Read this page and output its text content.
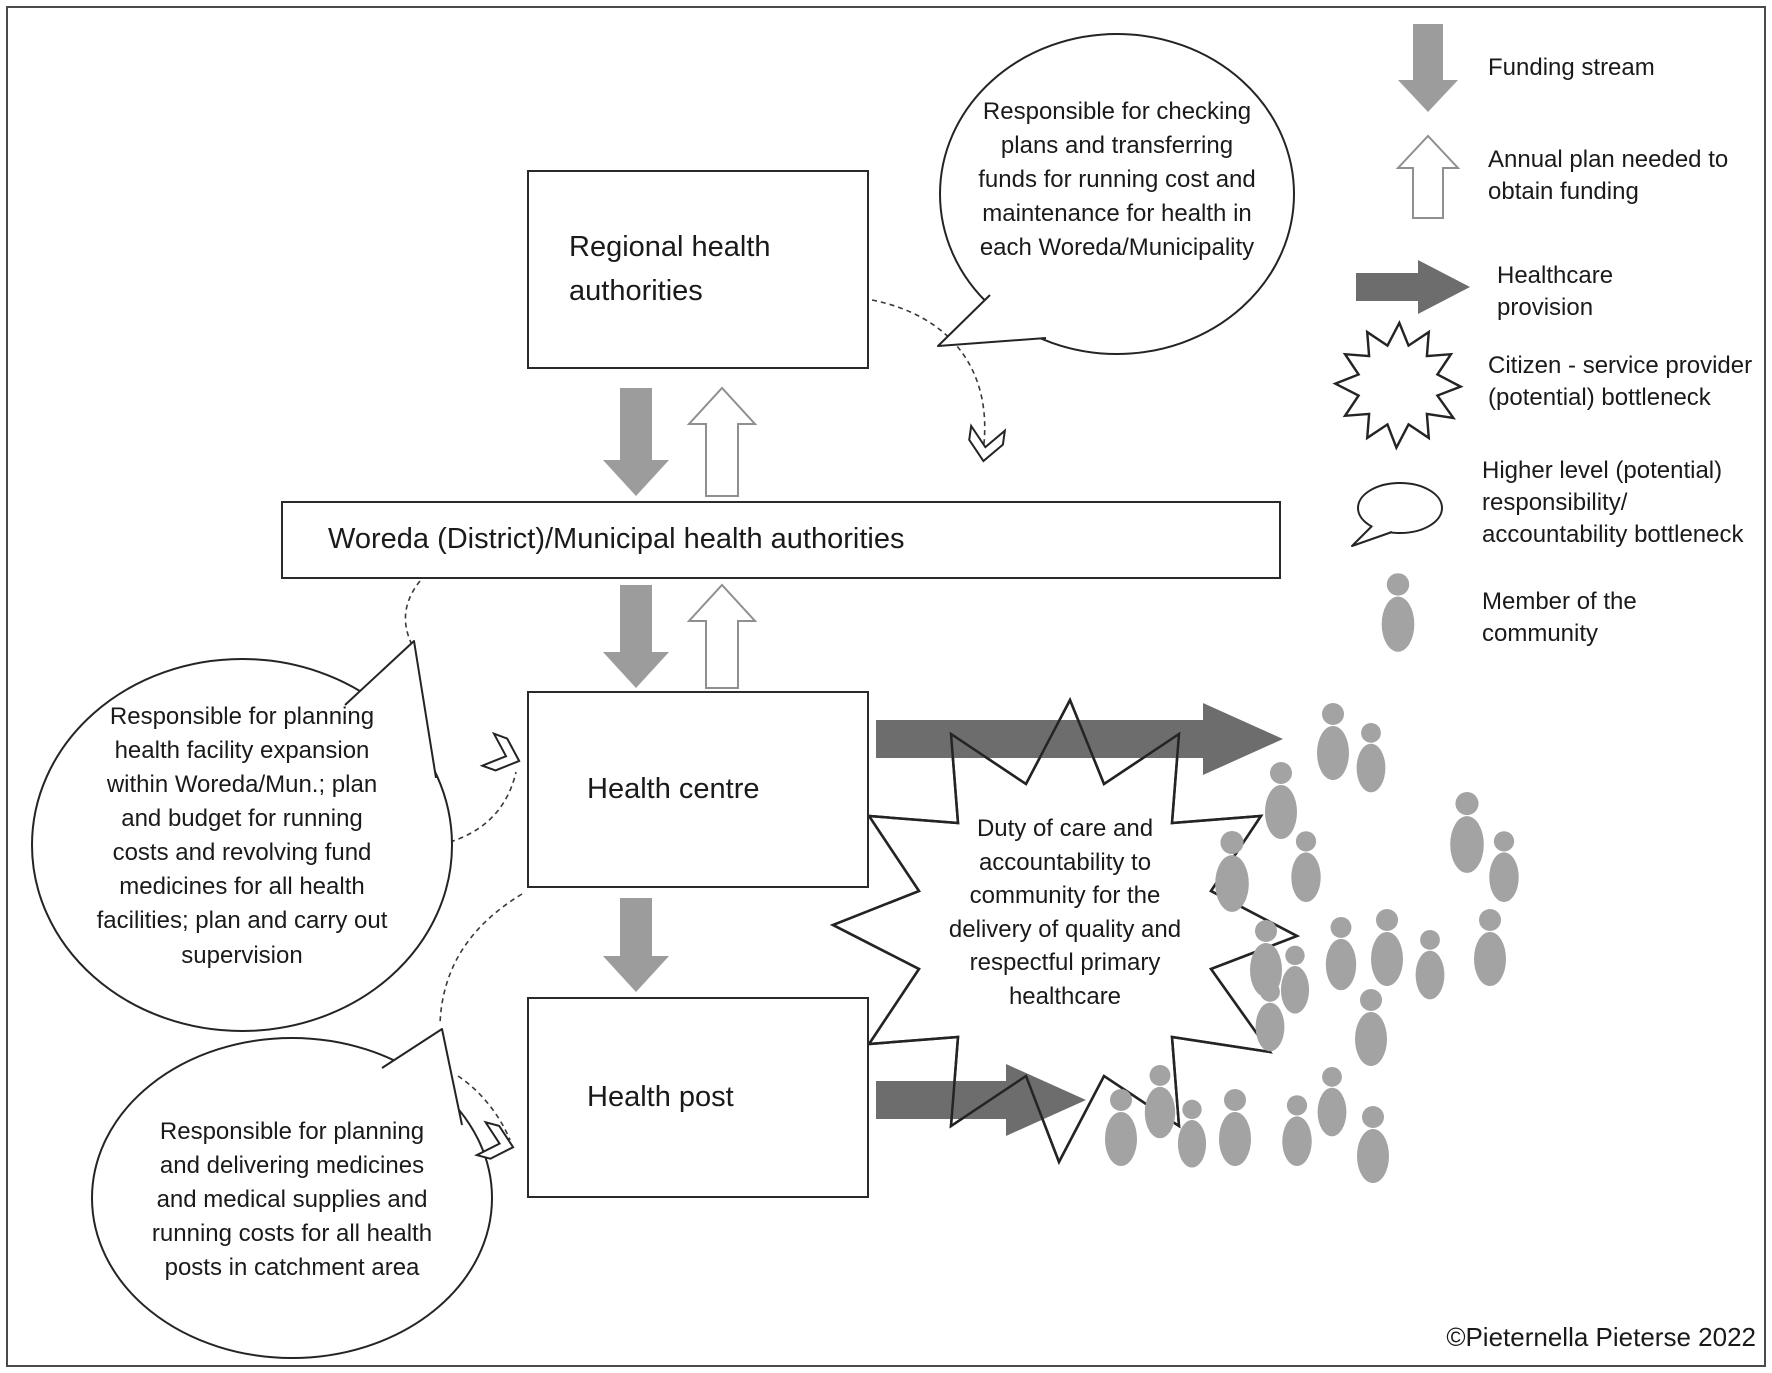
Regional health authorities
Woreda (District)/Municipal health authorities
Health centre
Health post
Responsible for checking plans and transferring funds for running cost and maintenance for health in each Woreda/​Municipality
Responsible for planning health facility expansion within Woreda/Mun.; plan and budget for running costs and revolving fund medicines for all health facilities; plan and carry out supervision
Responsible for planning and delivering medicines and medical supplies and running costs for all health posts in catchment area
Duty of care and accountability to community for the delivery of quality and respectful primary healthcare
Funding stream
Annual plan needed to obtain funding
Healthcare provision
Citizen - service provider (potential) bottleneck
Higher level (potential) responsibility/​accountability bottleneck
Member of the community
©Pieternella Pieterse 2022
